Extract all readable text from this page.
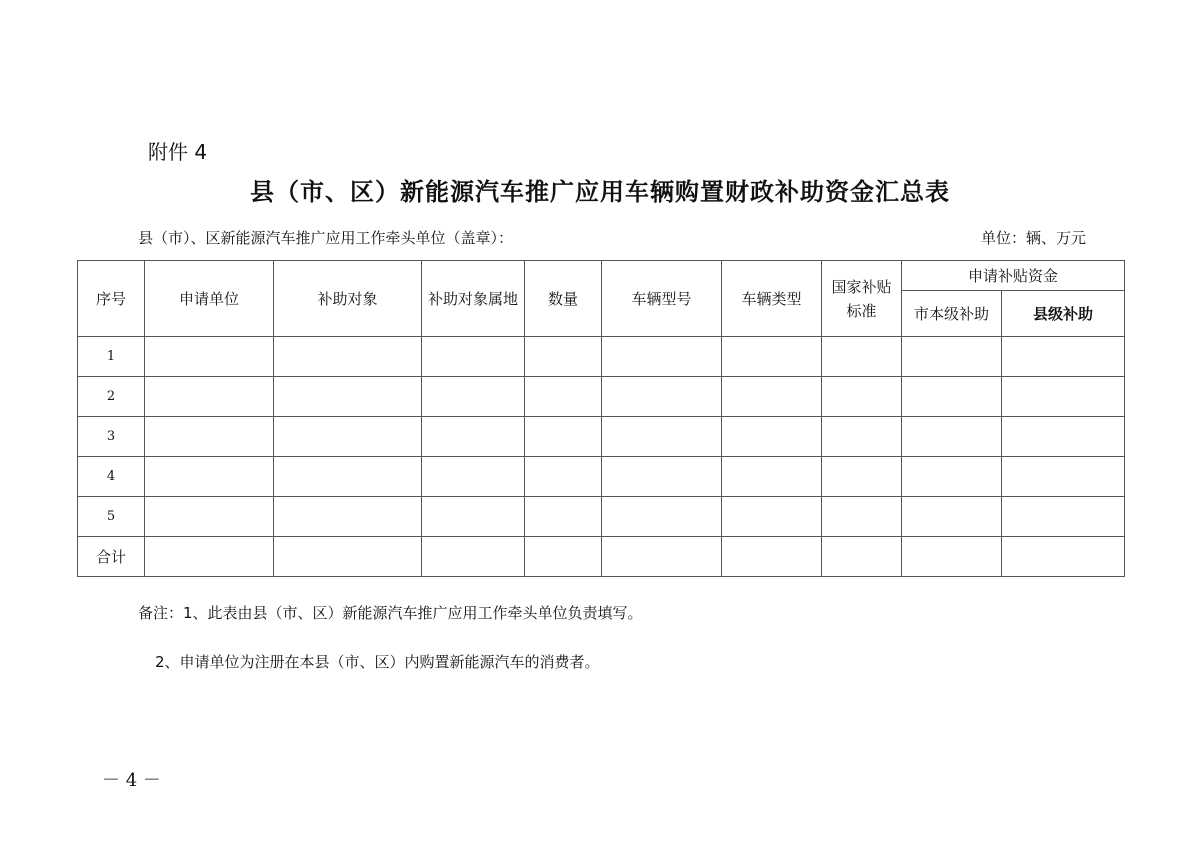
附件 4
县（市、区）新能源汽车推广应用车辆购置财政补助资金汇总表
县（市）、区新能源汽车推广应用工作牵头单位（盖章）：	单位：辆、万元
序号	申请单位	补助对象	补助对象属地	数量	车辆型号	车辆类型	国家补贴标准	申请补贴资金	
								市本级补助	县级补助
1									
2									
3									
4									
5									
合计									
备注：1、此表由县（市、区）新能源汽车推广应用工作牵头单位负责填写。
2、申请单位为注册在本县（市、区）内购置新能源汽车的消费者。
－ 4 －
